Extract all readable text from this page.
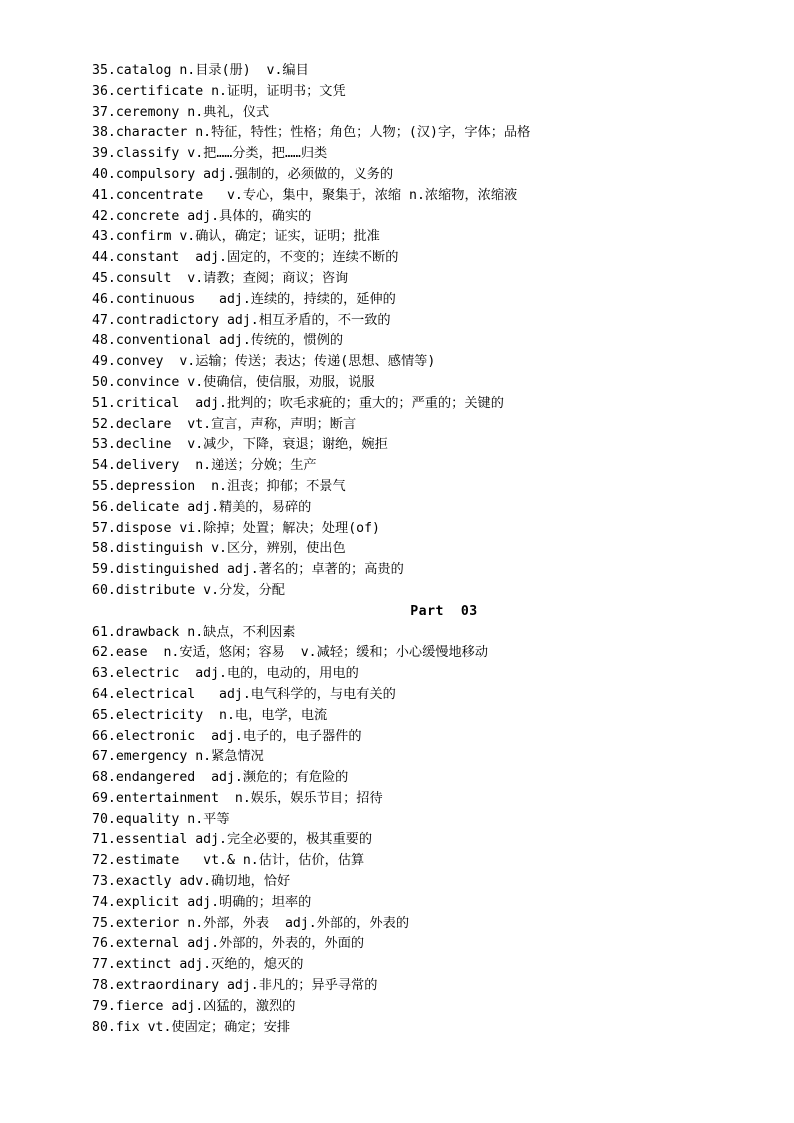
35.catalog n.目录(册)  v.编目
36.certificate n.证明，证明书；文凭
37.ceremony n.典礼，仪式
38.character n.特征，特性；性格；角色；人物；(汉)字，字体；品格
39.classify v.把……分类，把……归类
40.compulsory adj.强制的，必须做的，义务的
41.concentrate   v.专心，集中，聚集于，浓缩 n.浓缩物，浓缩液
42.concrete adj.具体的，确实的
43.confirm v.确认，确定；证实，证明；批准
44.constant  adj.固定的，不变的；连续不断的
45.consult  v.请教；查阅；商议；咨询
46.continuous   adj.连续的，持续的，延伸的
47.contradictory adj.相互矛盾的，不一致的
48.conventional adj.传统的，惯例的
49.convey  v.运输；传送；表达；传递(思想、感情等)
50.convince v.使确信，使信服，劝服，说服
51.critical  adj.批判的；吹毛求疵的；重大的；严重的；关键的
52.declare  vt.宣言，声称，声明；断言
53.decline  v.减少，下降，衰退；谢绝，婉拒
54.delivery  n.递送；分娩；生产
55.depression  n.沮丧；抑郁；不景气
56.delicate adj.精美的，易碎的
57.dispose vi.除掉；处置；解决；处理(of)
58.distinguish v.区分，辨别，使出色
59.distinguished adj.著名的；卓著的；高贵的
60.distribute v.分发，分配
Part  03
61.drawback n.缺点，不利因素
62.ease  n.安适，悠闲；容易  v.减轻；缓和；小心缓慢地移动
63.electric  adj.电的，电动的，用电的
64.electrical   adj.电气科学的，与电有关的
65.electricity  n.电，电学，电流
66.electronic  adj.电子的，电子器件的
67.emergency n.紧急情况
68.endangered  adj.濒危的；有危险的
69.entertainment  n.娱乐，娱乐节目；招待
70.equality n.平等
71.essential adj.完全必要的，极其重要的
72.estimate   vt.& n.估计，估价，估算
73.exactly adv.确切地，恰好
74.explicit adj.明确的；坦率的
75.exterior n.外部，外表  adj.外部的，外表的
76.external adj.外部的，外表的，外面的
77.extinct adj.灭绝的，熄灭的
78.extraordinary adj.非凡的；异乎寻常的
79.fierce adj.凶猛的，激烈的
80.fix vt.使固定；确定；安排
